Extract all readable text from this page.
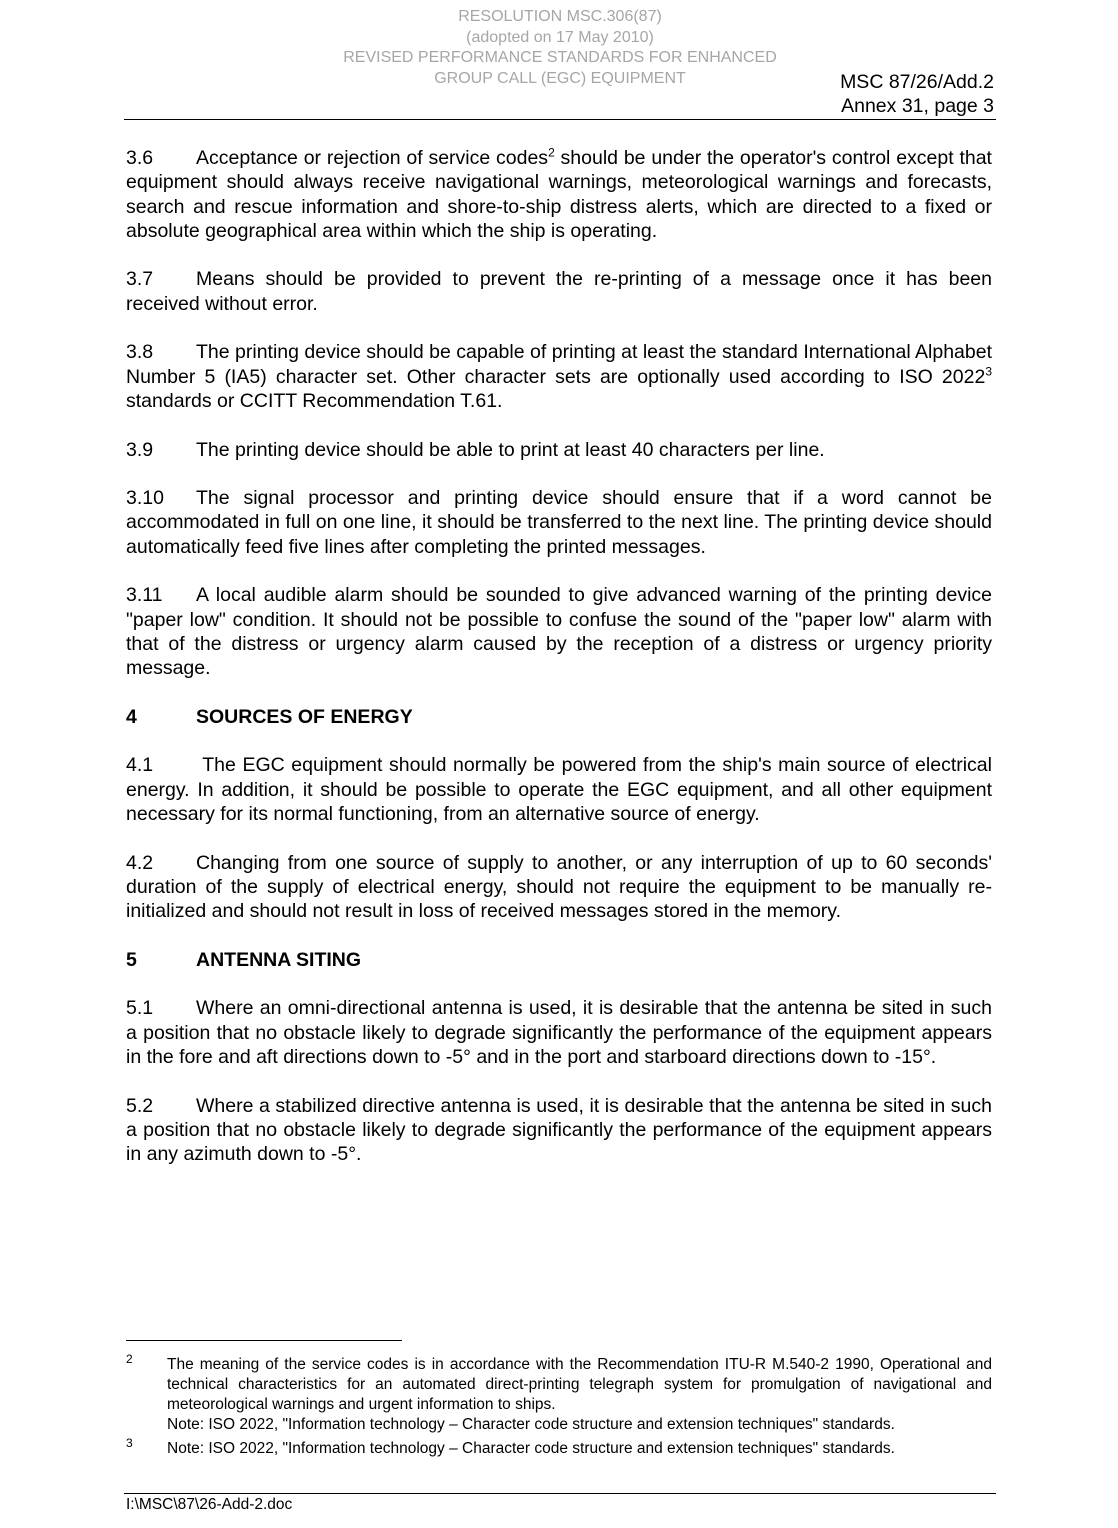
RESOLUTION MSC.306(87)
(adopted on 17 May 2010)
REVISED PERFORMANCE STANDARDS FOR ENHANCED
GROUP CALL (EGC) EQUIPMENT	MSC 87/26/Add.2
Annex 31, page 3

3.6 Acceptance or rejection of service codes$^2$ should be under the operator's control except that equipment should always receive navigational warnings, meteorological warnings and forecasts, search and rescue information and shore-to-ship distress alerts, which are directed to a fixed or absolute geographical area within which the ship is operating.

3.7 Means should be provided to prevent the re-printing of a message once it has been received without error.

3.8 The printing device should be capable of printing at least the standard International Alphabet Number 5 (IA5) character set. Other character sets are optionally used according to ISO 2022$^3$ standards or CCITT Recommendation T.61.

3.9 The printing device should be able to print at least 40 characters per line.

3.10 The signal processor and printing device should ensure that if a word cannot be accommodated in full on one line, it should be transferred to the next line. The printing device should automatically feed five lines after completing the printed messages.

3.11 A local audible alarm should be sounded to give advanced warning of the printing device "paper low" condition. It should not be possible to confuse the sound of the "paper low" alarm with that of the distress or urgency alarm caused by the reception of a distress or urgency priority message.

4	SOURCES OF ENERGY

4.1 The EGC equipment should normally be powered from the ship's main source of electrical energy. In addition, it should be possible to operate the EGC equipment, and all other equipment necessary for its normal functioning, from an alternative source of energy.

4.2 Changing from one source of supply to another, or any interruption of up to 60 seconds' duration of the supply of electrical energy, should not require the equipment to be manually re-initialized and should not result in loss of received messages stored in the memory.

5	ANTENNA SITING

5.1 Where an omni-directional antenna is used, it is desirable that the antenna be sited in such a position that no obstacle likely to degrade significantly the performance of the equipment appears in the fore and aft directions down to -5° and in the port and starboard directions down to -15°.

5.2 Where a stabilized directive antenna is used, it is desirable that the antenna be sited in such a position that no obstacle likely to degrade significantly the performance of the equipment appears in any azimuth down to -5°.

2 The meaning of the service codes is in accordance with the Recommendation ITU-R M.540-2 1990, Operational and technical characteristics for an automated direct-printing telegraph system for promulgation of navigational and meteorological warnings and urgent information to ships.
Note: ISO 2022, "Information technology – Character code structure and extension techniques" standards.
3 Note: ISO 2022, "Information technology – Character code structure and extension techniques" standards.
I:\MSC\87\26-Add-2.doc
